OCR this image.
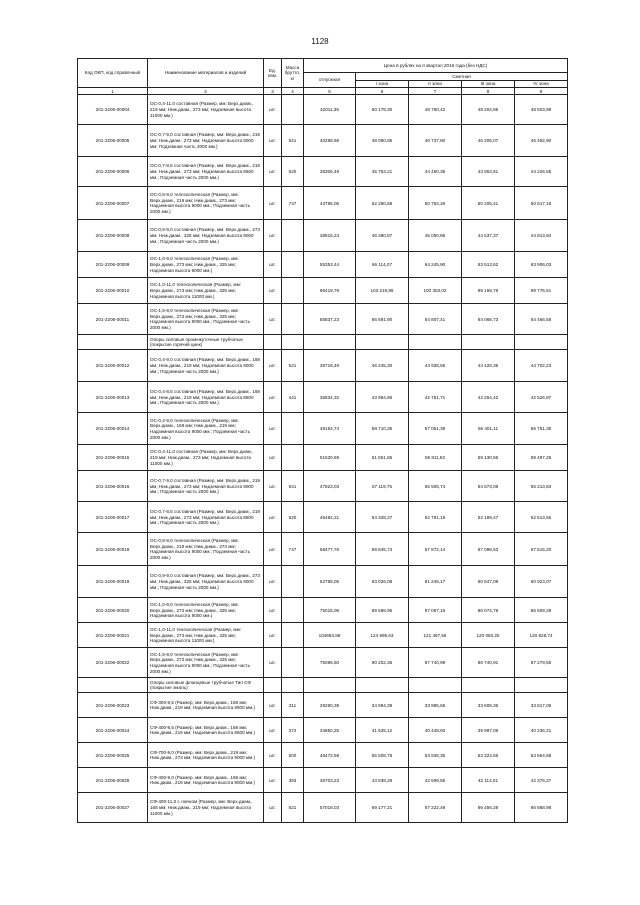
1128
Код ОКП, код справочный	Наименование материалов и изделий	Ед. изм.	Масса брутто, кг	Цена в рублях на II квартал 2016 года (без НДС)				
				отпускная	Сметная			
					I зона	II зона	III зона	IV зона
1	2	3	4	5	6	7	8	9
201-2206-00004	ОС-0,4-11,0 составная (Размер, мм: Верх.диам., 219 мм; Ниж.диам., 273 мм; Надземная высота 11000 мм.)	шт.		42011,35	50 178,30	48 760,42	48 204,85	48 503,99
201-2206-00005	ОС-0,7-9,0 составная (Размер, мм: Верх.диам., 219 мм; Ниж.диам., 273 мм; Надземная высота 9000 мм; Подземная часть 2000 мм.)	шт.	641	40288,66	48 090,85	46 737,80	46 205,07	46 492,90
201-2206-00006	ОС-0,7-8,5 составная (Размер, мм: Верх.диам., 219 мм; Ниж.диам., 273 мм; Надземная высота 8500 мм.; Подземная часть 2000 мм.)	шт.	620	38306,49	45 753,21	44 460,36	43 953,61	44 226,55
201-2206-00007	ОС-0,8-9,0 телескопическая (Размер, мм: Верх.диам., 219 мм; Ниж.диам., 273 мм; Надземная высота 9000 мм.; Подземная часть 2000 мм.)	шт.	747	43795,05	52 280,68	50 764,26	50 205,41	50 517,18
201-2206-00008	ОС-0,9-9,0 составная (Размер, мм: Верх.диам., 273 мм; Ниж.диам., 325 мм; Надземная высота 9000 мм.; Подземная часть 2000 мм.)	шт.		38815,24	46 380,87	45 050,86	44 537,37	44 813,94
201-2206-00009	ОС-1,0-9,0 телескопическая (Размер, мм: Верх.диам., 273 мм; Ниж.диам., 325 мм; Надземная высота 9000 мм.)	шт.		55353,44	66 114,07	64 245,90	63 513,62	63 906,03
201-2206-00010	ОС-1,0-11,0 телескопическая (Размер, мм: Верх.диам., 273 мм; Ниж.диам., 325 мм; Надземная высота 11000 мм.)	шт.		86419,79	103 219,96	100 303,02	99 159,75	99 775,51
201-2206-00011	ОС-1,5-9,0 телескопическая (Размер, мм: Верх.диам., 273 мм; Ниж.диам., 325 мм; Надземная высота 9000 мм.; Подземная часть 2000 мм.)	шт.		55837,23	66 691,90	64 807,41	64 068,73	64 466,58
	Опоры силовые промежуточные трубчатые (покрытие горячий цинк)							
201-2206-00012	ОС-0,4-9,0 составная (Размер, мм: Верх.диам., 168 мм; Ниж.диам., 219 мм; Надземная высота 9000 мм.; Подземная часть 2000 мм.)	шт.	521	38718,49	46 245,30	44 938,56	44 426,35	44 702,23
201-2206-00013	ОС-0,4-8,5 составная (Размер, мм: Верх.диам., 168 мм; Ниж.диам., 219 мм; Надземная высота 8500 мм.; Подземная часть 2000 мм.)	шт.	441	36834,32	43 994,86	42 751,71	42 264,42	42 526,87
201-2206-00014	ОС-0,4-9,0 телескопическая (Размер, мм: Верх.диам., 168 мм; Ниж.диам., 219 мм; Надземная высота 9000 мм.; Подземная часть 2000 мм.)	шт.		49154,74	58 710,35	57 051,39	56 401,11	56 751,35
201-2206-00015	ОС-0,4-11,0 составная (Размер, мм: Верх.диам., 219 мм; Ниж.диам., 273 мм; Надземная высота 11000 мм.)	шт.		51530,69	61 551,65	59 811,82	59 130,56	59 497,26
201-2206-00016	ОС-0,7-9,0 составная (Размер, мм: Верх.диам., 219 мм; Ниж.диам., 273 мм; Надземная высота 9000 мм.; Подземная часть 2000 мм.)	шт.	641	47823,03	57 119,75	55 505,74	54 873,09	55 213,83
201-2206-00017	ОС-0,7-8,5 составная (Размер, мм: Верх.диам., 219 мм; Ниж.диам., 273 мм; Надземная высота 8500 мм.; Подземная часть 2000 мм.)	шт.	620	45484,21	54 328,27	52 791,19	52 189,47	52 513,55
201-2206-00018	ОС-0,8-9,0 телескопическая (Размер, мм: Верх.диам., 219 мм; Ниж.диам., 273 мм; Надземная высота 9000 мм.; Подземная часть 2000 мм.)	шт.	747	58477,76	69 845,73	67 872,14	67 098,53	67 515,20
201-2206-00019	ОС-0,9-9,0 составная (Размер, мм: Верх.диам., 273 мм; Ниж.диам., 325 мм; Надземная высота 9000 мм.; Подземная часть 2000 мм.)	шт.		52768,05	63 026,08	61 245,17	60 547,09	60 923,07
201-2206-00020	ОС-1,0-9,0 телескопическая (Размер, мм: Верх.диам., 273 мм; Ниж.диам., 325 мм; Надземная высота 9000 мм.)	шт.		75015,06	89 598,95	87 067,16	86 074,78	86 609,29
201-2206-00021	ОС-1,0-11,0 телескопическая (Размер, мм: Верх.диам., 273 мм; Ниж.диам., 325 мм; Надземная высота 11000 мм.)	шт.		104684,88	124 999,63	121 467,56	120 083,25	120 828,74
201-2206-00022	ОС-1,5-9,0 телескопическая (Размер, мм: Верх.диам., 273 мм; Ниж.диам., 325 мм; Надземная высота 9000 мм.; Подземная часть 2000 мм.)	шт.		75096,50	90 202,35	87 740,99	86 740,91	87 279,55
	Опоры силовые фланцевые трубчатые Тип СФ (покрытие эмаль)							
201-2206-00023	СФ-300-8,5 (Размер, мм: Верх.диам., 168 мм; Ниж.диам., 219 мм; Надземная высота 8500 мм.)	шт.	311	29290,38	34 984,39	33 995,65	33 608,36	33 817,06
201-2206-00024	СФ-400-8,5 (Размер, мм: Верх.диам., 168 мм; Ниж.диам., 219 мм; Надземная высота 8500 мм.)	шт.	372	34850,25	41 625,12	40 448,93	39 987,09	40 236,21
201-2206-00025	СФ-700-9,0 (Размер, мм: Верх.диам., 219 мм; Ниж.диам., 273 мм; Надземная высота 9000 мм.)	шт.	500	46472,59	55 508,78	53 938,35	53 323,56	53 654,68
201-2206-00026	СФ-400-9,0 (Размер, мм: Верх.диам., 168 мм; Ниж.диам., 219 мм; Надземная высота 9000 мм.)	шт.	393	36703,23	43 838,29	42 599,56	42 114,01	42 376,37
201-2206-00027	СФ-400-11,0 с лючком (Размер, мм: Верх.диам., 168 мм; Ниж.диам., 219 мм; Надземная высота 11000 мм.)	шт.	621	57018,03	69 177,21	67 222,49	66 456,28	66 868,98
